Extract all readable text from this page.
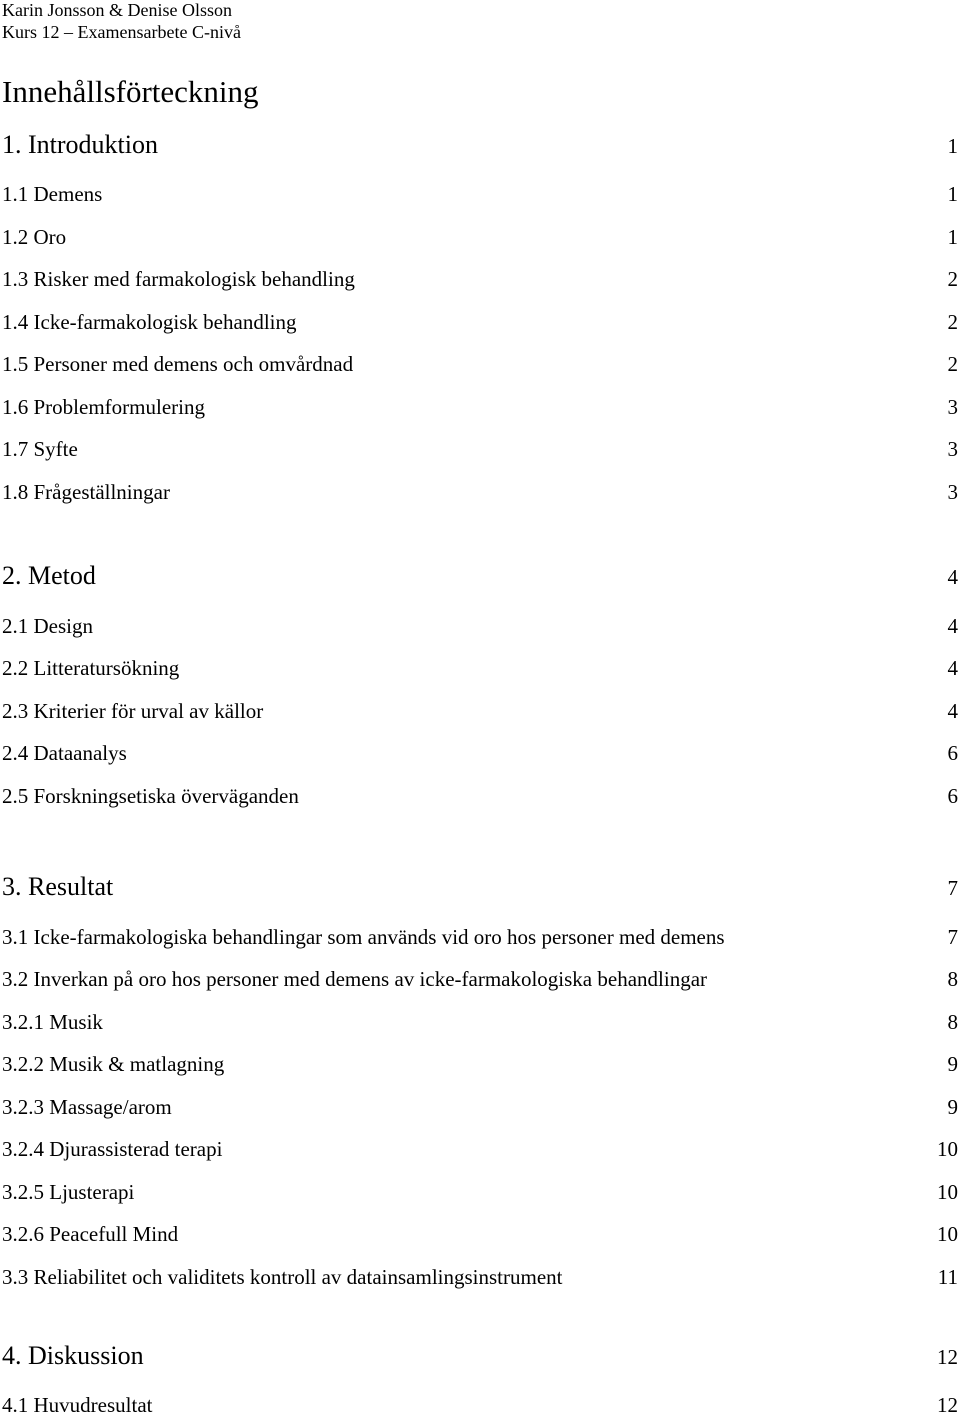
Karin Jonsson & Denise Olsson
Kurs 12 – Examensarbete C-nivå
Innehållsförteckning
1. Introduktion	1
1.1 Demens	1
1.2 Oro	1
1.3 Risker med farmakologisk behandling	2
1.4 Icke-farmakologisk behandling	2
1.5 Personer med demens och omvårdnad	2
1.6 Problemformulering	3
1.7 Syfte	3
1.8 Frågeställningar	3
2. Metod	4
2.1 Design	4
2.2 Litteratursökning	4
2.3 Kriterier för urval av källor	4
2.4 Dataanalys	6
2.5 Forskningsetiska överväganden	6
3. Resultat	7
3.1 Icke-farmakologiska behandlingar som används vid oro hos personer med demens	7
3.2 Inverkan på oro hos personer med demens av icke-farmakologiska behandlingar	8
3.2.1 Musik	8
3.2.2 Musik & matlagning	9
3.2.3 Massage/arom	9
3.2.4 Djurassisterad terapi	10
3.2.5 Ljusterapi	10
3.2.6 Peacefull Mind	10
3.3 Reliabilitet och validitets kontroll av datainsamlingsinstrument	11
4. Diskussion	12
4.1 Huvudresultat	12
